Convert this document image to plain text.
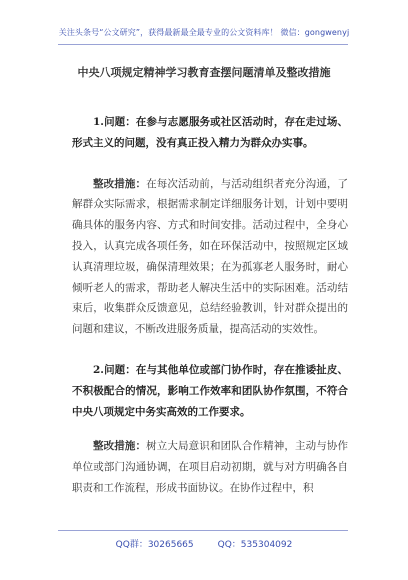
关注头条号“公文研究”，获得最新最全最专业的公文资料库！ 微信：gongwenyj
中央八项规定精神学习教育查摆问题清单及整改措施

1.问题：在参与志愿服务或社区活动时，存在走过场、形式主义的问题，没有真正投入精力为群众办实事。

整改措施：在每次活动前，与活动组织者充分沟通，了解群众实际需求，根据需求制定详细服务计划，计划中要明确具体的服务内容、方式和时间安排。活动过程中，全身心投入，认真完成各项任务，如在环保活动中，按照规定区域认真清理垃圾，确保清理效果；在为孤寡老人服务时，耐心倾听老人的需求，帮助老人解决生活中的实际困难。活动结束后，收集群众反馈意见，总结经验教训，针对群众提出的问题和建议，不断改进服务质量，提高活动的实效性。

2.问题：在与其他单位或部门协作时，存在推诿扯皮、不积极配合的情况，影响工作效率和团队协作氛围，不符合中央八项规定中务实高效的工作要求。

整改措施：树立大局意识和团队合作精神，主动与协作单位或部门沟通协调，在项目启动初期，就与对方明确各自职责和工作流程，形成书面协议。在协作过程中，积

QQ群：30265665	QQ：535304092
